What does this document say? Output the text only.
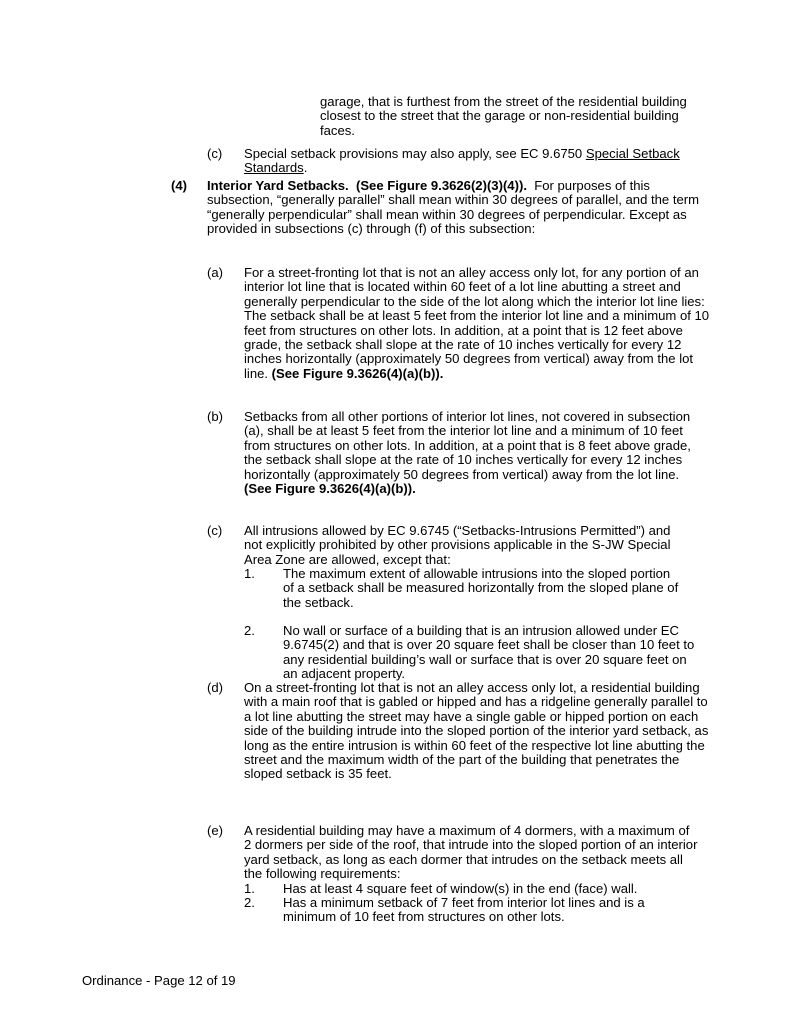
garage, that is furthest from the street of the residential building closest to the street that the garage or non-residential building faces.
(c) Special setback provisions may also apply, see EC 9.6750 Special Setback Standards.
(4) Interior Yard Setbacks. (See Figure 9.3626(2)(3)(4)). For purposes of this subsection, “generally parallel” shall mean within 30 degrees of parallel, and the term “generally perpendicular” shall mean within 30 degrees of perpendicular. Except as provided in subsections (c) through (f) of this subsection:
(a) For a street-fronting lot that is not an alley access only lot, for any portion of an interior lot line that is located within 60 feet of a lot line abutting a street and generally perpendicular to the side of the lot along which the interior lot line lies: The setback shall be at least 5 feet from the interior lot line and a minimum of 10 feet from structures on other lots. In addition, at a point that is 12 feet above grade, the setback shall slope at the rate of 10 inches vertically for every 12 inches horizontally (approximately 50 degrees from vertical) away from the lot line. (See Figure 9.3626(4)(a)(b)).
(b) Setbacks from all other portions of interior lot lines, not covered in subsection (a), shall be at least 5 feet from the interior lot line and a minimum of 10 feet from structures on other lots. In addition, at a point that is 8 feet above grade, the setback shall slope at the rate of 10 inches vertically for every 12 inches horizontally (approximately 50 degrees from vertical) away from the lot line. (See Figure 9.3626(4)(a)(b)).
(c) All intrusions allowed by EC 9.6745 (“Setbacks-Intrusions Permitted”) and not explicitly prohibited by other provisions applicable in the S-JW Special Area Zone are allowed, except that:
1. The maximum extent of allowable intrusions into the sloped portion of a setback shall be measured horizontally from the sloped plane of the setback.
2. No wall or surface of a building that is an intrusion allowed under EC 9.6745(2) and that is over 20 square feet shall be closer than 10 feet to any residential building’s wall or surface that is over 20 square feet on an adjacent property.
(d) On a street-fronting lot that is not an alley access only lot, a residential building with a main roof that is gabled or hipped and has a ridgeline generally parallel to a lot line abutting the street may have a single gable or hipped portion on each side of the building intrude into the sloped portion of the interior yard setback, as long as the entire intrusion is within 60 feet of the respective lot line abutting the street and the maximum width of the part of the building that penetrates the sloped setback is 35 feet.
(e) A residential building may have a maximum of 4 dormers, with a maximum of 2 dormers per side of the roof, that intrude into the sloped portion of an interior yard setback, as long as each dormer that intrudes on the setback meets all the following requirements:
1. Has at least 4 square feet of window(s) in the end (face) wall.
2. Has a minimum setback of 7 feet from interior lot lines and is a minimum of 10 feet from structures on other lots.
Ordinance - Page 12 of 19
